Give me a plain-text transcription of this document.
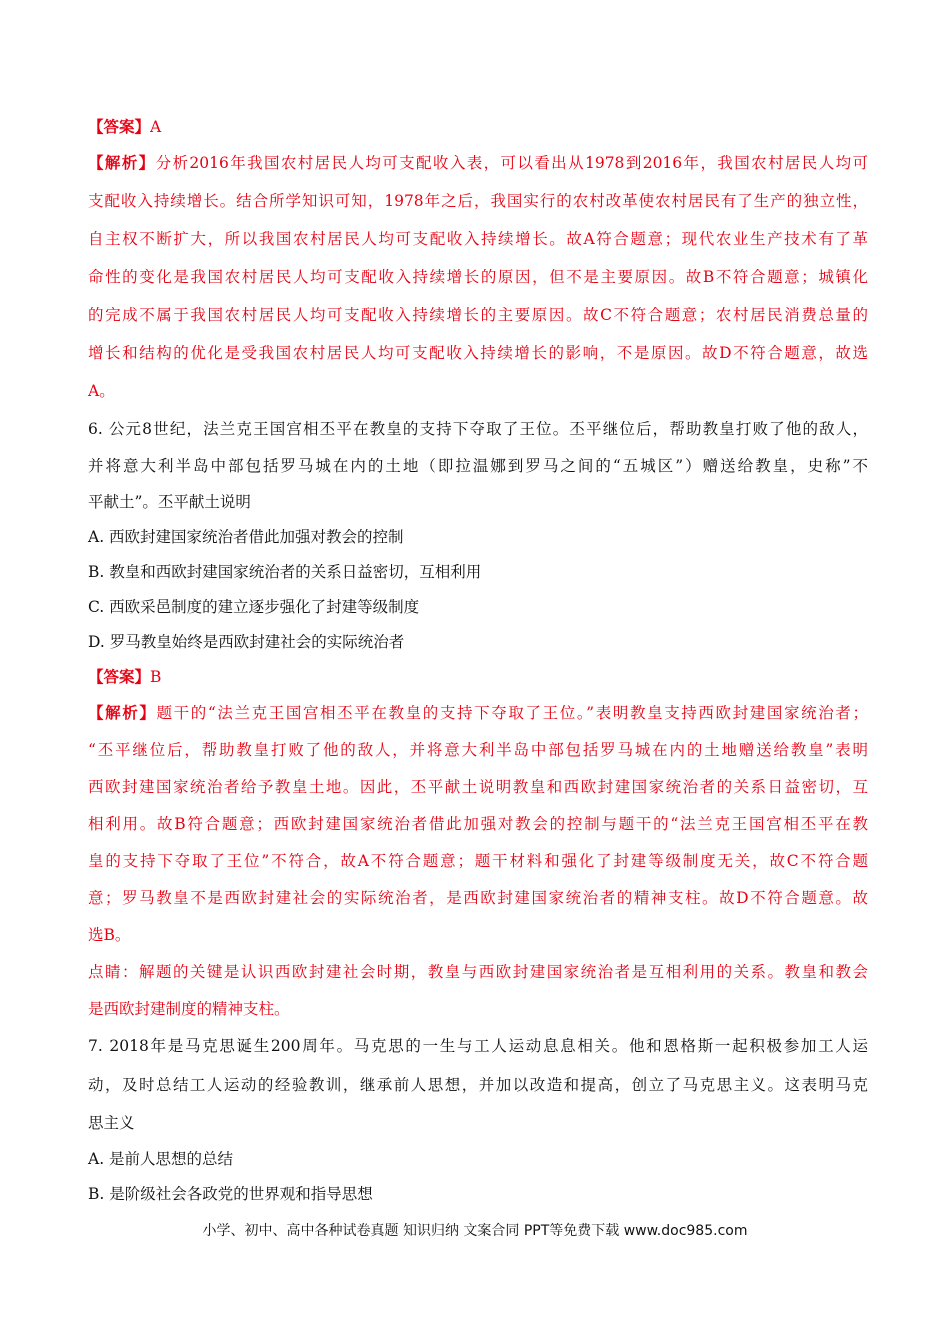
【答案】A
【解析】分析2016年我国农村居民人均可支配收入表，可以看出从1978到2016年，我国农村居民人均可
支配收入持续增长。结合所学知识可知，1978年之后，我国实行的农村改革使农村居民有了生产的独立性，
自主权不断扩大，所以我国农村居民人均可支配收入持续增长。故A符合题意；现代农业生产技术有了革
命性的变化是我国农村居民人均可支配收入持续增长的原因，但不是主要原因。故B不符合题意；城镇化
的完成不属于我国农村居民人均可支配收入持续增长的主要原因。故C不符合题意；农村居民消费总量的
增长和结构的优化是受我国农村居民人均可支配收入持续增长的影响，不是原因。故D不符合题意，故选
A。
6. 公元8世纪，法兰克王国宫相丕平在教皇的支持下夺取了王位。丕平继位后，帮助教皇打败了他的敌人，
并将意大利半岛中部包括罗马城在内的土地（即拉温娜到罗马之间的“五城区”）赠送给教皇，史称”不
平献土”。丕平献土说明
A. 西欧封建国家统治者借此加强对教会的控制
B. 教皇和西欧封建国家统治者的关系日益密切，互相利用
C. 西欧采邑制度的建立逐步强化了封建等级制度
D. 罗马教皇始终是西欧封建社会的实际统治者
【答案】B
【解析】题干的“法兰克王国宫相丕平在教皇的支持下夺取了王位。”表明教皇支持西欧封建国家统治者；
“丕平继位后，帮助教皇打败了他的敌人，并将意大利半岛中部包括罗马城在内的土地赠送给教皇”表明
西欧封建国家统治者给予教皇土地。因此，丕平献土说明教皇和西欧封建国家统治者的关系日益密切，互
相利用。故B符合题意；西欧封建国家统治者借此加强对教会的控制与题干的“法兰克王国宫相丕平在教
皇的支持下夺取了王位”不符合，故A不符合题意；题干材料和强化了封建等级制度无关，故C不符合题
意；罗马教皇不是西欧封建社会的实际统治者，是西欧封建国家统治者的精神支柱。故D不符合题意。故
选B。
点睛：解题的关键是认识西欧封建社会时期，教皇与西欧封建国家统治者是互相利用的关系。教皇和教会
是西欧封建制度的精神支柱。
7. 2018年是马克思诞生200周年。马克思的一生与工人运动息息相关。他和恩格斯一起积极参加工人运
动，及时总结工人运动的经验教训，继承前人思想，并加以改造和提高，创立了马克思主义。这表明马克
思主义
A. 是前人思想的总结
B. 是阶级社会各政党的世界观和指导思想
小学、初中、高中各种试卷真题 知识归纳 文案合同 PPT等免费下载 www.doc985.com
